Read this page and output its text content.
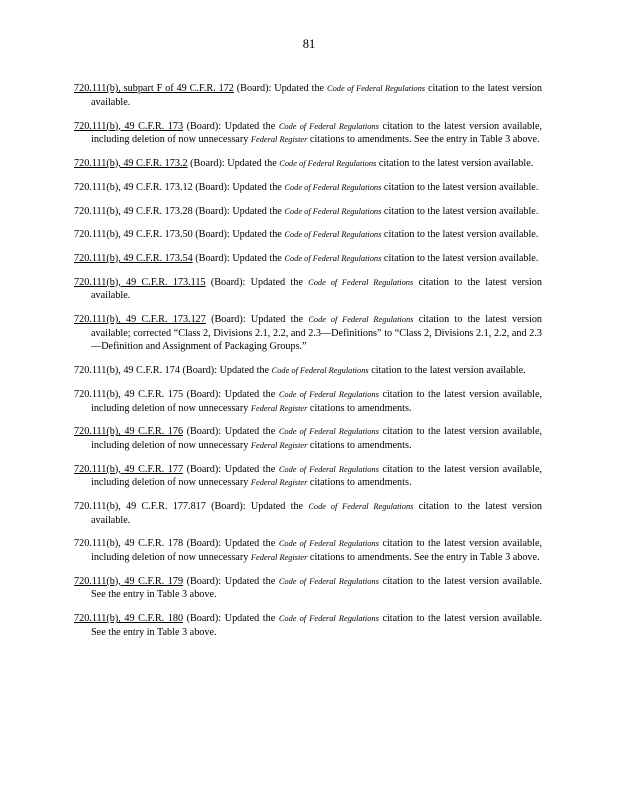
81

720.111(b), subpart F of 49 C.F.R. 172 (Board): Updated the Code of Federal Regulations citation to the latest version available.

720.111(b), 49 C.F.R. 173 (Board): Updated the Code of Federal Regulations citation to the latest version available, including deletion of now unnecessary Federal Register citations to amendments. See the entry in Table 3 above.

720.111(b), 49 C.F.R. 173.2 (Board): Updated the Code of Federal Regulations citation to the latest version available.

720.111(b), 49 C.F.R. 173.12 (Board): Updated the Code of Federal Regulations citation to the latest version available.

720.111(b), 49 C.F.R. 173.28 (Board): Updated the Code of Federal Regulations citation to the latest version available.

720.111(b), 49 C.F.R. 173.50 (Board): Updated the Code of Federal Regulations citation to the latest version available.

720.111(b), 49 C.F.R. 173.54 (Board): Updated the Code of Federal Regulations citation to the latest version available.

720.111(b), 49 C.F.R. 173.115 (Board): Updated the Code of Federal Regulations citation to the latest version available.

720.111(b), 49 C.F.R. 173.127 (Board): Updated the Code of Federal Regulations citation to the latest version available; corrected “Class 2, Divisions 2.1, 2.2, and 2.3—Definitions” to “Class 2, Divisions 2.1, 2.2, and 2.3—Definition and Assignment of Packaging Groups.”

720.111(b), 49 C.F.R. 174 (Board): Updated the Code of Federal Regulations citation to the latest version available.

720.111(b), 49 C.F.R. 175 (Board): Updated the Code of Federal Regulations citation to the latest version available, including deletion of now unnecessary Federal Register citations to amendments.

720.111(b), 49 C.F.R. 176 (Board): Updated the Code of Federal Regulations citation to the latest version available, including deletion of now unnecessary Federal Register citations to amendments.

720.111(b), 49 C.F.R. 177 (Board): Updated the Code of Federal Regulations citation to the latest version available, including deletion of now unnecessary Federal Register citations to amendments.

720.111(b), 49 C.F.R. 177.817 (Board): Updated the Code of Federal Regulations citation to the latest version available.

720.111(b), 49 C.F.R. 178 (Board): Updated the Code of Federal Regulations citation to the latest version available, including deletion of now unnecessary Federal Register citations to amendments. See the entry in Table 3 above.

720.111(b), 49 C.F.R. 179 (Board): Updated the Code of Federal Regulations citation to the latest version available. See the entry in Table 3 above.

720.111(b), 49 C.F.R. 180 (Board): Updated the Code of Federal Regulations citation to the latest version available. See the entry in Table 3 above.
